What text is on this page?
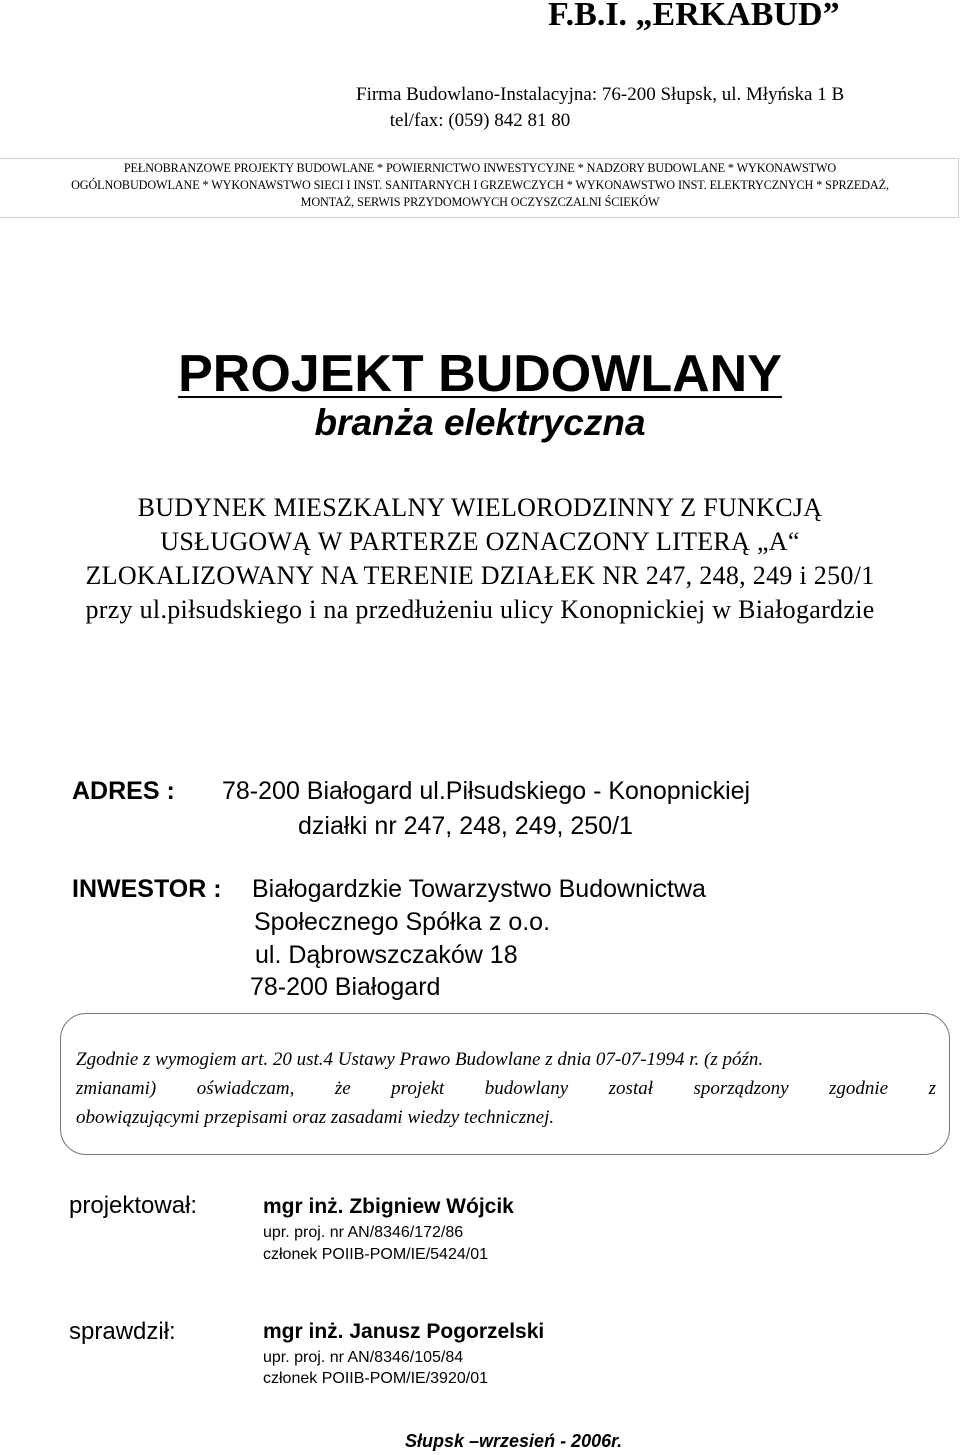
F.B.I. „ERKABUD”
Firma Budowlano-Instalacyjna: 76-200 Słupsk, ul. Młyńska 1 B
tel/fax: (059) 842 81 80
PEŁNOBRANZOWE PROJEKTY BUDOWLANE * POWIERNICTWO INWESTYCYJNE * NADZORY BUDOWLANE * WYKONAWSTWO
OGÓLNOBUDOWLANE * WYKONAWSTWO SIECI I INST. SANITARNYCH I GRZEWCZYCH * WYKONAWSTWO INST. ELEKTRYCZNYCH * SPRZEDAŻ,
MONTAŻ, SERWIS PRZYDOMOWYCH OCZYSZCZALNI ŚCIEKÓW
PROJEKT BUDOWLANY
branża elektryczna
BUDYNEK MIESZKALNY WIELORODZINNY Z FUNKCJĄ
USŁUGOWĄ W PARTERZE OZNACZONY LITERĄ „A“
ZLOKALIZOWANY NA TERENIE DZIAŁEK NR 247, 248, 249 i 250/1
przy ul.piłsudskiego i na przedłużeniu ulicy Konopnickiej w Białogardzie
ADRES : 78-200 Białogard ul.Piłsudskiego - Konopnickiej
działki nr 247, 248, 249, 250/1
INWESTOR : Białogardzkie Towarzystwo Budownictwa
Społecznego Spółka z o.o.
ul. Dąbrowszczaków 18
78-200 Białogard
Zgodnie z wymogiem art. 20 ust.4 Ustawy Prawo Budowlane z dnia 07-07-1994 r. (z późn.
zmianami) oświadczam, że projekt budowlany został sporządzony zgodnie z
obowiązującymi przepisami oraz zasadami wiedzy technicznej.
projektował:	mgr inż. Zbigniew Wójcik
upr. proj. nr AN/8346/172/86
członek POIIB-POM/IE/5424/01
sprawdził:	mgr inż. Janusz Pogorzelski
upr. proj. nr AN/8346/105/84
członek POIIB-POM/IE/3920/01
Słupsk –wrzesień - 2006r.
